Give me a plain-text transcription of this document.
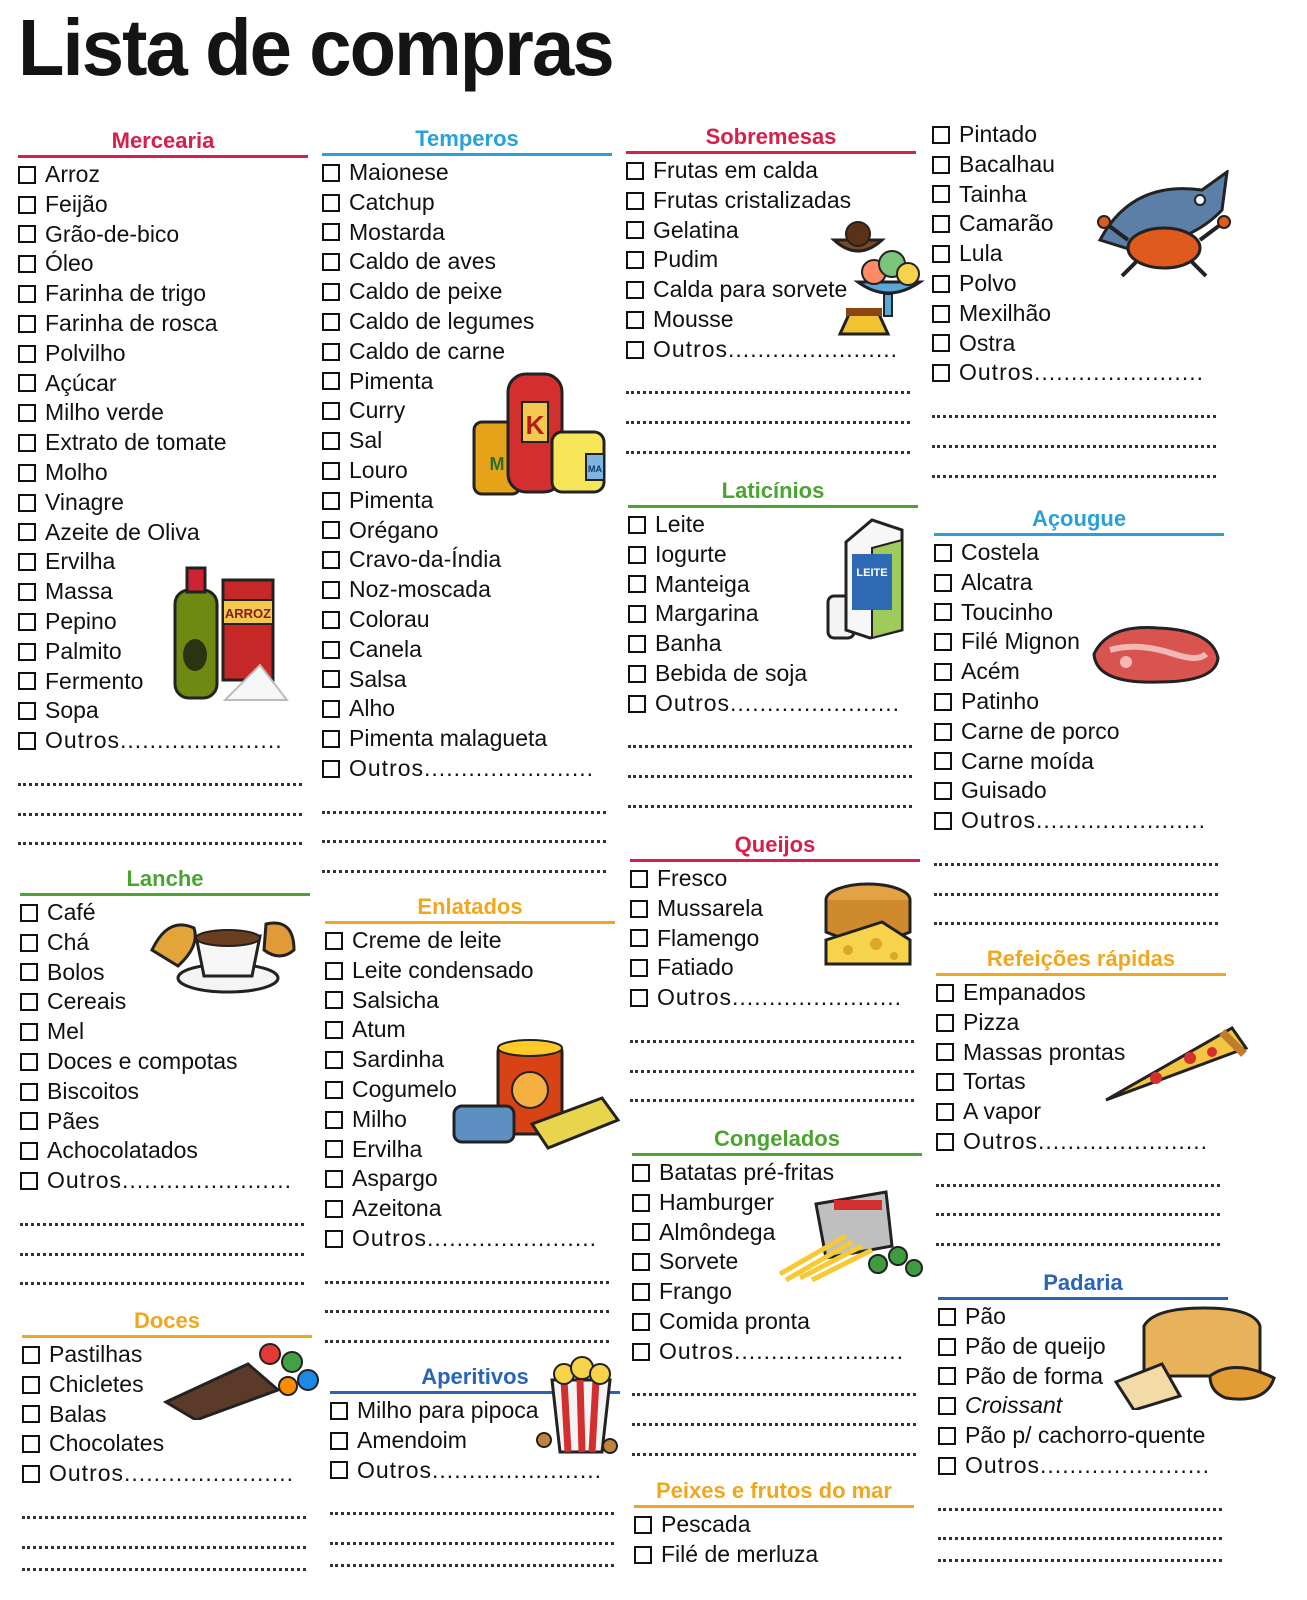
Lista de compras
Mercearia
Arroz
Feijão
Grão-de-bico
Óleo
Farinha de trigo
Farinha de rosca
Polvilho
Açúcar
Milho verde
Extrato de tomate
Molho
Vinagre
Azeite de Oliva
Ervilha
Massa
Pepino
Palmito
Fermento
Sopa
Outros......................
Lanche
Café
Chá
Bolos
Cereais
Mel
Doces e compotas
Biscoitos
Pães
Achocolatados
Outros.......................
Doces
Pastilhas
Chicletes
Balas
Chocolates
Outros.......................
Temperos
Maionese
Catchup
Mostarda
Caldo de aves
Caldo de peixe
Caldo de legumes
Caldo de carne
Pimenta
Curry
Sal
Louro
Pimenta
Orégano
Cravo-da-Índia
Noz-moscada
Colorau
Canela
Salsa
Alho
Pimenta malagueta
Outros.......................
Enlatados
Creme de leite
Leite condensado
Salsicha
Atum
Sardinha
Cogumelo
Milho
Ervilha
Aspargo
Azeitona
Outros.......................
Aperitivos
Milho para pipoca
Amendoim
Outros.......................
Sobremesas
Frutas em calda
Frutas cristalizadas
Gelatina
Pudim
Calda para sorvete
Mousse
Outros.......................
Laticínios
Leite
Iogurte
Manteiga
Margarina
Banha
Bebida de soja
Outros.......................
Queijos
Fresco
Mussarela
Flamengo
Fatiado
Outros.......................
Congelados
Batatas pré-fritas
Hamburger
Almôndega
Sorvete
Frango
Comida pronta
Outros.......................
Peixes e frutos do mar
Pescada
Filé de merluza
Pintado
Bacalhau
Tainha
Camarão
Lula
Polvo
Mexilhão
Ostra
Outros.......................
Açougue
Costela
Alcatra
Toucinho
Filé Mignon
Acém
Patinho
Carne de porco
Carne moída
Guisado
Outros.......................
Refeições rápidas
Empanados
Pizza
Massas prontas
Tortas
A vapor
Outros.......................
Padaria
Pão
Pão de queijo
Pão de forma
Croissant
Pão p/ cachorro-quente
Outros.......................
ARROZ
M
K
MA
LEITE
